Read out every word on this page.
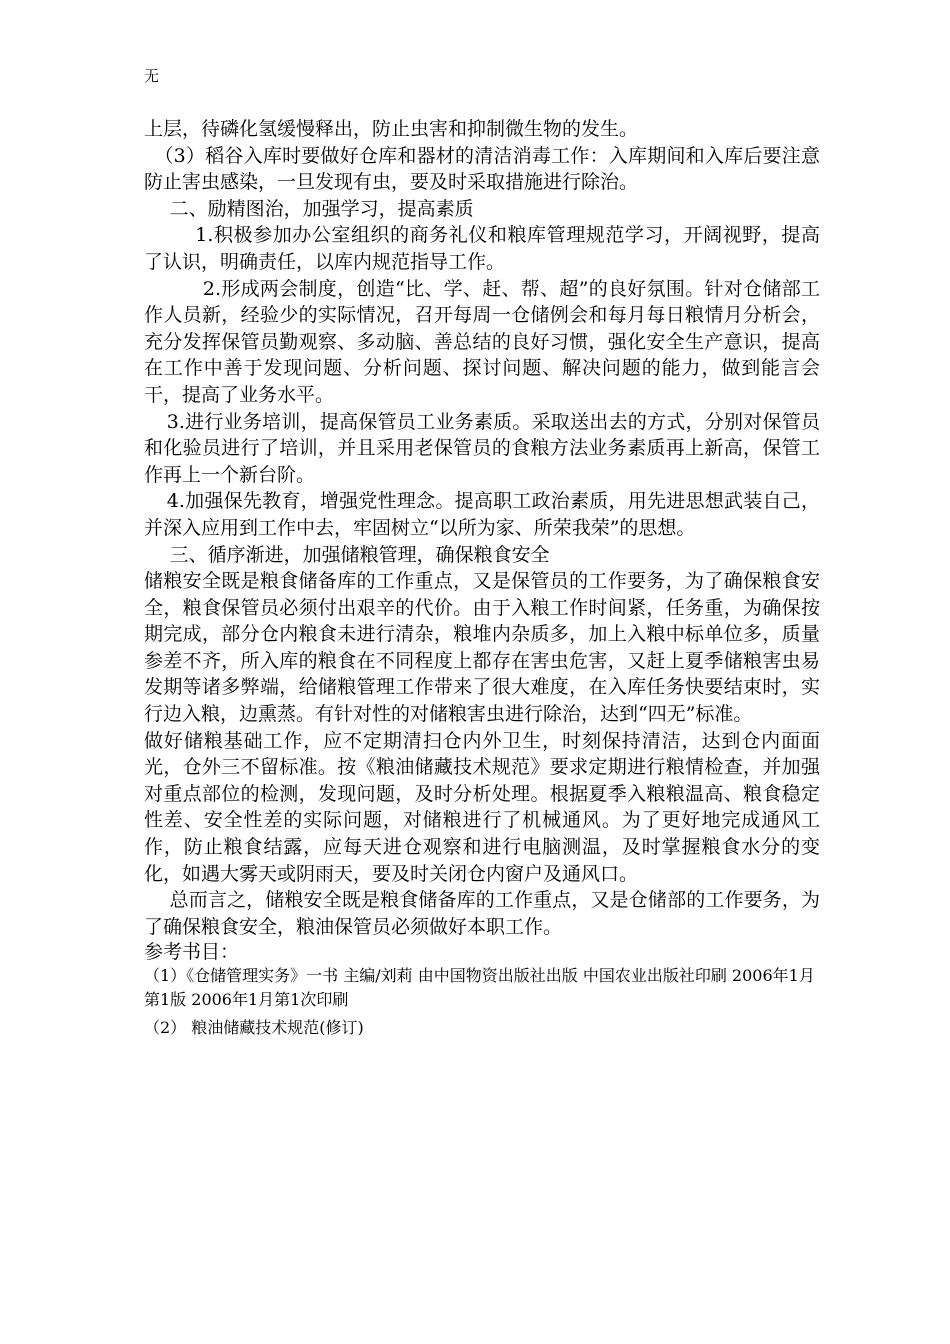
无

上层，待磷化氢缓慢释出，防止虫害和抑制微生物的发生。

（3）稻谷入库时要做好仓库和器材的清洁消毒工作：入库期间和入库后要注意防止害虫感染，一旦发现有虫，要及时采取措施进行除治。

二、励精图治，加强学习，提高素质

1.积极参加办公室组织的商务礼仪和粮库管理规范学习，开阔视野，提高了认识，明确责任，以库内规范指导工作。

2.形成两会制度，创造“比、学、赶、帮、超”的良好氛围。针对仓储部工作人员新，经验少的实际情况，召开每周一仓储例会和每月每日粮情月分析会，充分发挥保管员勤观察、多动脑、善总结的良好习惯，强化安全生产意识，提高在工作中善于发现问题、分析问题、探讨问题、解决问题的能力，做到能言会干，提高了业务水平。

3.进行业务培训，提高保管员工业务素质。采取送出去的方式，分别对保管员和化验员进行了培训，并且采用老保管员的食粮方法业务素质再上新高，保管工作再上一个新台阶。

4.加强保先教育，增强党性理念。提高职工政治素质，用先进思想武装自己，并深入应用到工作中去，牢固树立“以所为家、所荣我荣”的思想。

三、循序渐进，加强储粮管理，确保粮食安全

储粮安全既是粮食储备库的工作重点，又是保管员的工作要务，为了确保粮食安全，粮食保管员必须付出艰辛的代价。由于入粮工作时间紧，任务重，为确保按期完成，部分仓内粮食未进行清杂，粮堆内杂质多，加上入粮中标单位多，质量参差不齐，所入库的粮食在不同程度上都存在害虫危害，又赶上夏季储粮害虫易发期等诸多弊端，给储粮管理工作带来了很大难度，在入库任务快要结束时，实行边入粮，边熏蒸。有针对性的对储粮害虫进行除治，达到“四无”标准。

做好储粮基础工作，应不定期清扫仓内外卫生，时刻保持清洁，达到仓内面面光，仓外三不留标准。按《粮油储藏技术规范》要求定期进行粮情检查，并加强对重点部位的检测，发现问题，及时分析处理。根据夏季入粮粮温高、粮食稳定性差、安全性差的实际问题，对储粮进行了机械通风。为了更好地完成通风工作，防止粮食结露，应每天进仓观察和进行电脑测温，及时掌握粮食水分的变化，如遇大雾天或阴雨天，要及时关闭仓内窗户及通风口。

总而言之，储粮安全既是粮食储备库的工作重点，又是仓储部的工作要务，为了确保粮食安全，粮油保管员必须做好本职工作。

参考书目：

（1）《仓储管理实务》一书 主编/刘莉 由中国物资出版社出版 中国农业出版社印刷 2006年1月第1版 2006年1月第1次印刷

（2） 粮油储藏技术规范(修订)
